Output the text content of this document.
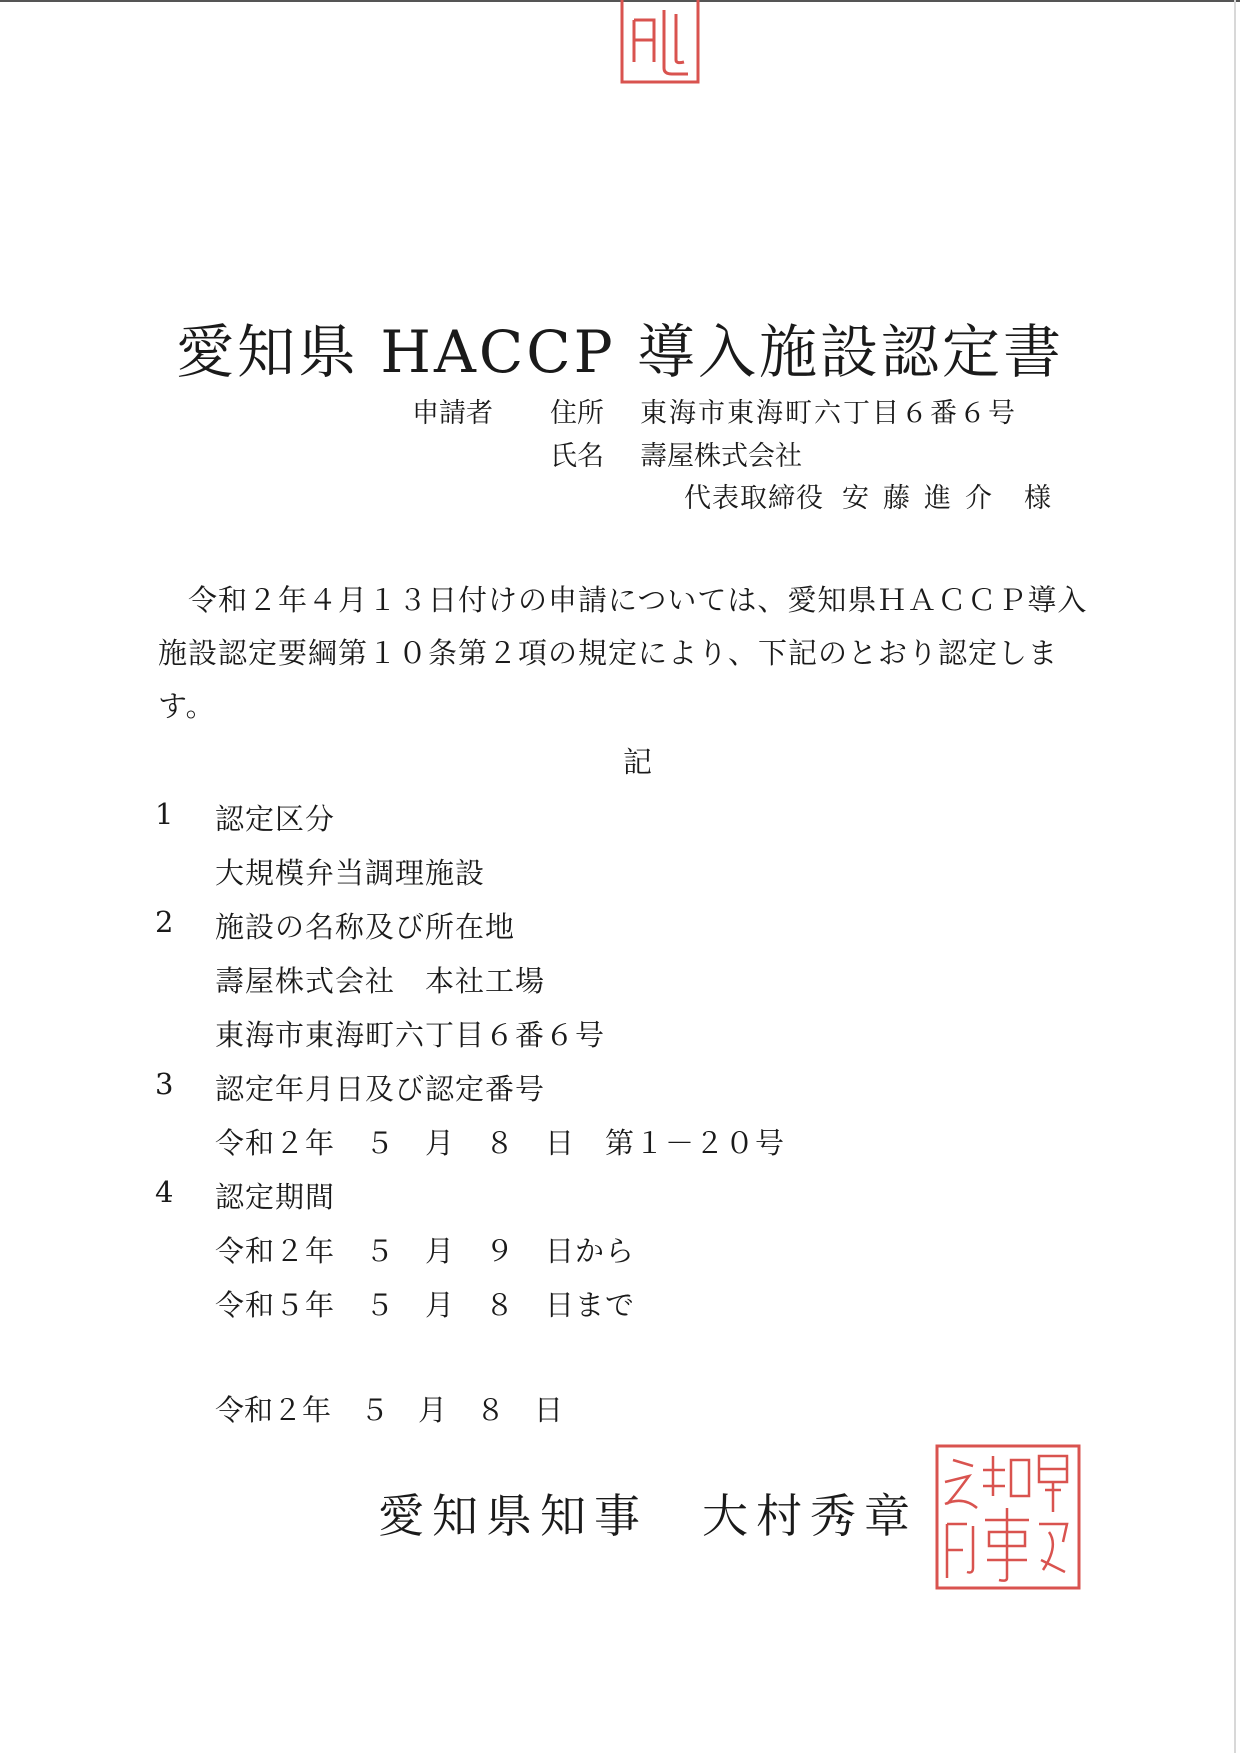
愛知県 HACCP 導入施設認定書
申請者 住所 東海市東海町六丁目６番６号
氏名 壽屋株式会社
代表取締役 安藤進介 様

令和２年４月１３日付けの申請については、愛知県ＨＡＣＣＰ導入施設認定要綱第１０条第２項の規定により、下記のとおり認定します。

記
1 認定区分
大規模弁当調理施設
2 施設の名称及び所在地
壽屋株式会社　本社工場
東海市東海町六丁目６番６号
3 認定年月日及び認定番号
令和２年　５　月　８　日　第１－２０号
4 認定期間
令和２年　５　月　９　日から
令和５年　５　月　８　日まで
令和２年　５　月　８　日
愛知県知事　大村秀章
